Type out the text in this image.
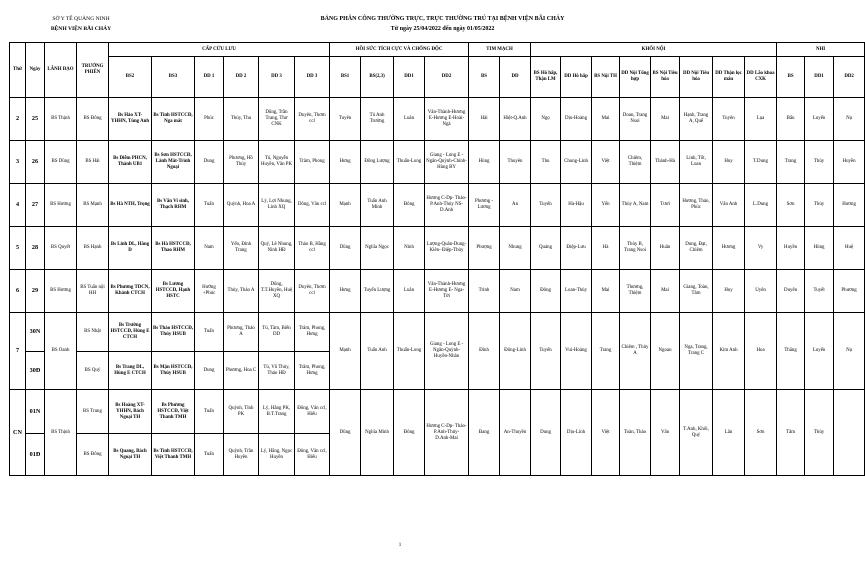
SỞ Y TẾ QUẢNG NINH
BỆNH VIỆN BÃI CHÁY
BẢNG PHÂN CÔNG THƯỜNG TRỰC, TRỰC THƯỜNG TRÚ TẠI BỆNH VIỆN BÃI CHÁY
Từ ngày 25/04/2022 đến ngày 01/05/2022
Thứ	Ngày	LÃNH ĐẠO	TRƯỞNG PHIÊN	CẤP CỨU LƯU						HỒI SỨC TÍCH CỰC VÀ CHỐNG ĐỘC				TIM MẠCH		KHỐI NỘI								NHI		
				BS2	BS3	DD 1	DD 2	DD 3	DD 3	BS1	BS(2,3)	DD1	DD2	BS	DD	BS Hô hấp, Thận LM	DD Hô hấp	BS Nội TH	DD Nội Tổng hợp	BS Nội Tiêu hóa	DD Nội Tiêu hóa	DD Thận lọc máu	DD Lão khoa CXK	BS	DD1	DD2
2	25	BS Thịnh	BS Đông	Bs Hảo XT-YHHN, Tùng Anh	Bs Tình HSTCCĐ, Nga mắt	Phúc	Thúy, Thu	Dũng, Trần Trang, Thư CNK	Duyên, Thơm ccl	Tuyên	Tú Anh Trường	Luân	Vân-Thành-Hương E-Hương E-Hoài- Ngà	Hải	Hiệt-Q.Anh	Ngọ	Dịu-Hoàng	Mai	Doan, Trang Nsoi	Mai	Hạnh, Trang A, Quế	Tuyên	Lụa	Bẩu	Luyến	Nụ
3	26	BS Dũng	BS Hải	Bs Diễm PHCN, Thành UB1	Bs Sơn HSTCCĐ, Lành Mắt-Trình Ngoại	Dung	Phương, Hồ Thúy	Tú, Nguyễn Huyền, Vân PK	Trâm, Phong	Hưng	Đồng Lượng	Thuấn-Long	Giang - Long E - Ngân-Quỳnh-Chính-Hùng BY	Hùng	Thuyên	Thu	Chung-Linh	Việt	Chiêm, Thiệm	Thành-Hà	Linh, Tốt, Loan	Huy	T.Dung	Trang	Thủy	Huyền
4	27	BS Hương	BS Mạnh	Bs Hà NTH, Trọng	Bs Văn Vi sinh, Thạch RHM	Tuấn	Quỳnh, Hoa A	Lý, Lợi Nhung, Linh XQ	Dông, Vân ccl	Mạnh	Tuấn Anh Minh	Đông	Hương C-Dp- Thảo-P.Anh-Thủy NS-D.Anh	Phương - Lương	An	Tuyến	Hà-Hậu	Yến	Thùy A, Nam	Tươi	Hương, Thảo, Phúc	Vân Anh	L.Dung	Sơn	Thùy	Hương
5	28	BS Quyết	BS Hạnh	Bs Linh DL, Hằng D	Bs Hà HSTCCĐ, Thao RHM	Nam	Yến, Đình Trang	Quý, Lê Nhung, Ninh HĐ	Thảo B, Hằng ccl	Dũng	Nghĩa Ngọc	Ninh	Lượng-Quân-Dung-Kiên- Điệp-Thủy	Phượng	Nhung	Quảng	Điệp-Lưu	Hà	Thùy B, Trang Nsoi	Huân	Dung, Đạt, Chiêm	Hương	Vy	Huyền	Hùng	Huệ
6	29	BS Hương	BS Tuấn nội HH	Bs Phương TDCN, Khánh CTCH	Bs Lương HSTCCĐ, Hạnh HSTC	Hướng +Phúc	Thủy, Thảo A	Dũng, T.T.Huyền, Huệ XQ	Duyên, Thơm ccl	Hưng	Tuyến Lượng	Luân	Vân-Thành-Hương E-Hương E- Nga- Tời	Trinh	Nam	Đông	Loan-Thủy	Mai	Thương, Thiệm	Mai	Giang, Toàn, Tâm	Huy	Uyên	Duyên	Tuyết	Phương
7	30N	BS Oanh	BS Nhật	Bs Trường HSTCCĐ, Hùng E CTCH	Bs Thảo HSTCCĐ, Thúy HSUB	Tuấn	Phương, Thảo A	Tú, Tâm, Biển DD	Trâm, Phong, Hưng	Mạnh	Tuấn Anh	Thuấn-Long	Giang - Long E - Ngân-Quỳnh-Huyền-Nhân	Đình	Đông-Linh	Tuyến	Vui-Hoàng	Trang	Chiêm , Thủy A	Ngoan	Nga, Trang, Trang C	Kim Anh	Hoa	Thắng	Luyến	Nụ
	30Đ		BS Quý	Bs Trang DL, Hùng E CTCH	Bs Mận HSTCCĐ, Thúy HSUB	Dung	Phương, Hoa C	Tú, Vũ Thủy, Thảo HĐ	Trâm, Phong, Hưng																	
CN	01N	BS Thịnh	BS Trung	Bs Hoàng XT-YHHN, Bách Ngoại TH	Bs Phương HSTCCĐ, Việt Thanh TMH	Tuấn	Quỳnh, Tỉnh PK	Lý, Hằng PK, B.T.Trang	Đông, Vân ccl, Hiếu	Dũng	Nghĩa Minh	Đông	Hương C-Dp- Thảo-P.Anh-Thủy- D.Anh-Mai	Đang	An-Thuyền	Dung	Dịu-Linh	Việt	Toàn, Thảo	Vân	T.Anh, Khôi, Quý	Lân	Sơn	Tâm	Thủy	
	01Đ		BS Đông	Bs Quang, Bách Ngoại TH	Bs Tình HSTCCĐ, Việt Thanh TMH	Tuấn	Quỳnh, Trần Huyền	Lý, Hằng, Ngọc Huyền	Đông, Vân ccl, Hiếu																	
1
